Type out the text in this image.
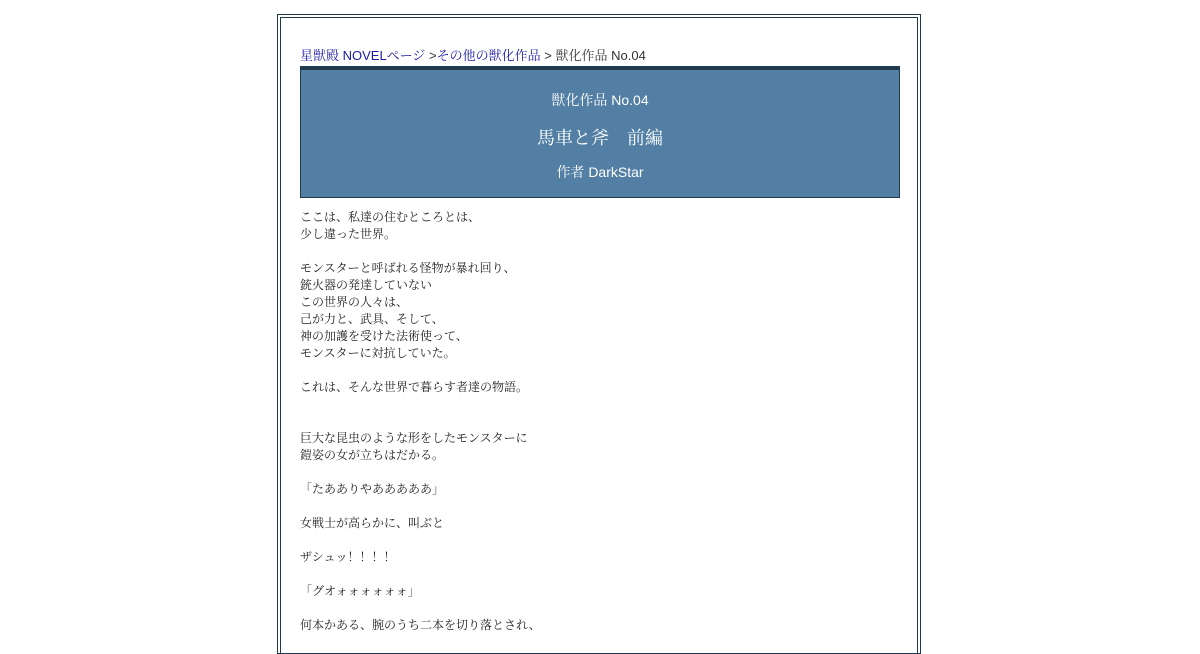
星獣殿 NOVELページ >その他の獣化作品 > 獣化作品 No.04
獣化作品 No.04
馬車と斧　前編
作者 DarkStar
ここは、私達の住むところとは、
少し違った世界。
モンスターと呼ばれる怪物が暴れ回り、
銃火器の発達していない
この世界の人々は、
己が力と、武具、そして、
神の加護を受けた法術使って、
モンスターに対抗していた。
これは、そんな世界で暮らす者達の物語。
巨大な昆虫のような形をしたモンスターに
鎧姿の女が立ちはだかる。
「たあありやあああああ」
女戦士が高らかに、叫ぶと
ザシュッ！！！！
「グオォォォォォォ」
何本かある、腕のうち二本を切り落とされ、
